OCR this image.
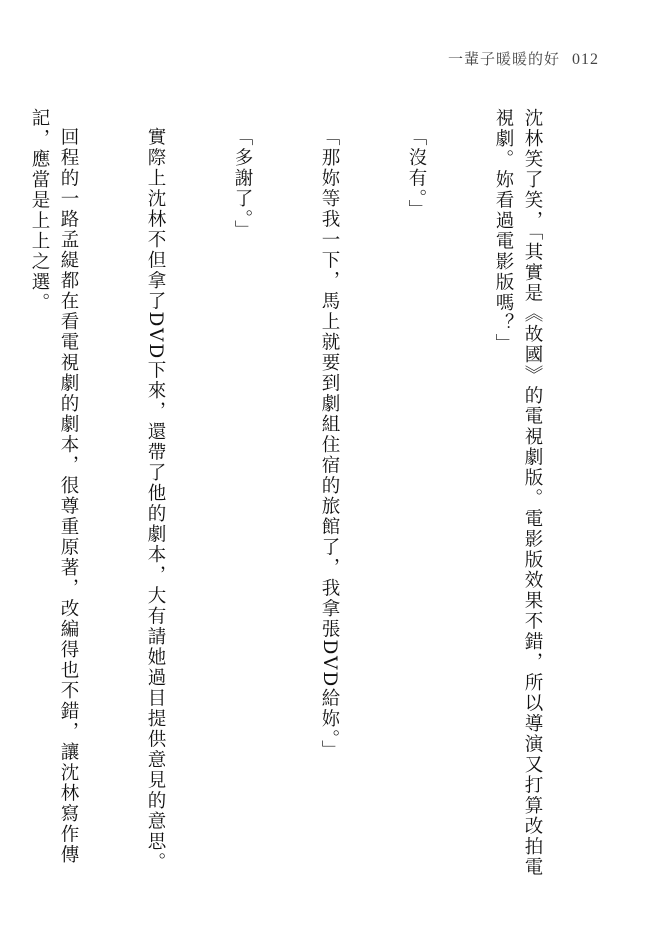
一輩子暖暖的好 012

沈林笑了笑，「其實是《故國》的電視劇版。電影版效果不錯，所以導演又打算改拍電視劇。妳看過電影版嗎？」

「沒有。」

「那妳等我一下，馬上就要到劇組住宿的旅館了，我拿張DVD給妳。」

「多謝了。」

實際上沈林不但拿了DVD下來，還帶了他的劇本，大有請她過目提供意見的意思。

回程的一路孟緹都在看電視劇的劇本，很尊重原著，改編得也不錯，讓沈林寫作傳記，應當是上上之選。
